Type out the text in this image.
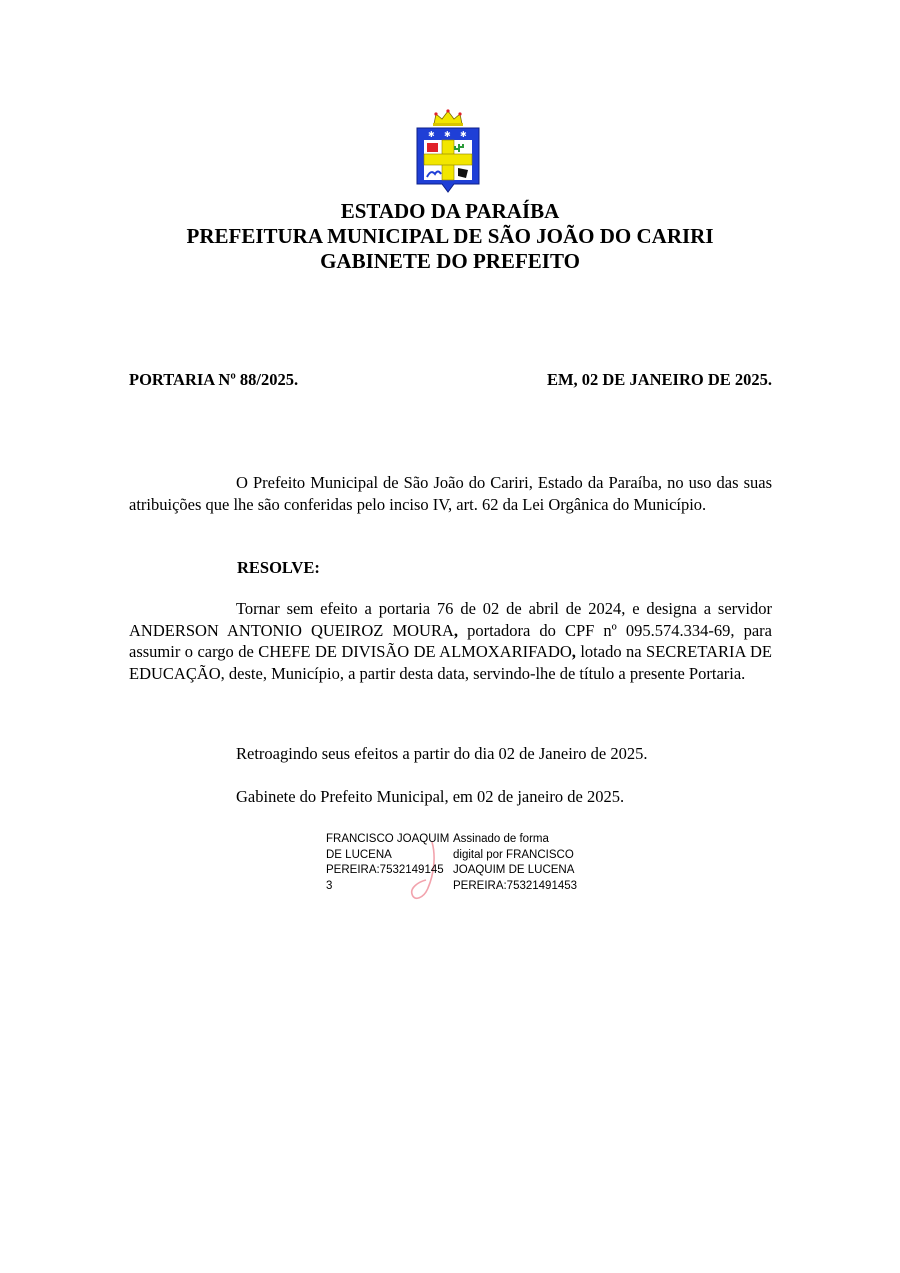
✱ ✱ ✱
ESTADO DA PARAÍBA
PREFEITURA MUNICIPAL DE SÃO JOÃO DO CARIRI
GABINETE DO PREFEITO
PORTARIA Nº 88/2025.	EM, 02 DE JANEIRO DE 2025.
O Prefeito Municipal de São João do Cariri, Estado da Paraíba, no uso das suas atribuições que lhe são conferidas pelo inciso IV, art. 62 da Lei Orgânica do Município.
RESOLVE:
Tornar sem efeito a portaria 76 de 02 de abril de 2024, e designa a servidor ANDERSON ANTONIO QUEIROZ MOURA, portadora do CPF nº 095.574.334-69, para assumir o cargo de CHEFE DE DIVISÃO DE ALMOXARIFADO, lotado na SECRETARIA DE EDUCAÇÃO, deste, Município, a partir desta data, servindo-lhe de título a presente Portaria.
Retroagindo seus efeitos a partir do dia 02 de Janeiro de 2025.
Gabinete do Prefeito Municipal, em 02 de janeiro de 2025.
FRANCISCO JOAQUIM
DE LUCENA
PEREIRA:7532149145
3
Assinado de forma
digital por FRANCISCO
JOAQUIM DE LUCENA
PEREIRA:75321491453
